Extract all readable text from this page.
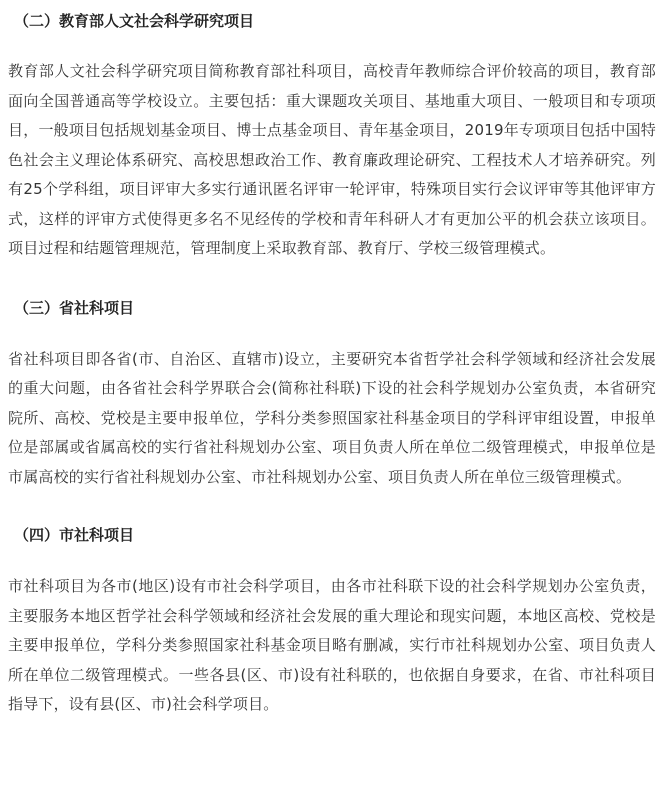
（二）教育部人文社会科学研究项目

教育部人文社会科学研究项目简称教育部社科项目，高校青年教师综合评价较高的项目，教育部面向全国普通高等学校设立。主要包括：重大课题攻关项目、基地重大项目、一般项目和专项项目，一般项目包括规划基金项目、博士点基金项目、青年基金项目，2019年专项项目包括中国特色社会主义理论体系研究、高校思想政治工作、教育廉政理论研究、工程技术人才培养研究。列有25个学科组，项目评审大多实行通讯匿名评审一轮评审，特殊项目实行会议评审等其他评审方式，这样的评审方式使得更多名不见经传的学校和青年科研人才有更加公平的机会获立该项目。项目过程和结题管理规范，管理制度上采取教育部、教育厅、学校三级管理模式。

（三）省社科项目

省社科项目即各省(市、自治区、直辖市)设立，主要研究本省哲学社会科学领域和经济社会发展的重大问题，由各省社会科学界联合会(简称社科联)下设的社会科学规划办公室负责，本省研究院所、高校、党校是主要申报单位，学科分类参照国家社科基金项目的学科评审组设置，申报单位是部属或省属高校的实行省社科规划办公室、项目负责人所在单位二级管理模式，申报单位是市属高校的实行省社科规划办公室、市社科规划办公室、项目负责人所在单位三级管理模式。

（四）市社科项目

市社科项目为各市(地区)设有市社会科学项目，由各市社科联下设的社会科学规划办公室负责，主要服务本地区哲学社会科学领域和经济社会发展的重大理论和现实问题，本地区高校、党校是主要申报单位，学科分类参照国家社科基金项目略有删减，实行市社科规划办公室、项目负责人所在单位二级管理模式。一些各县(区、市)设有社科联的，也依据自身要求，在省、市社科项目指导下，设有县(区、市)社会科学项目。
